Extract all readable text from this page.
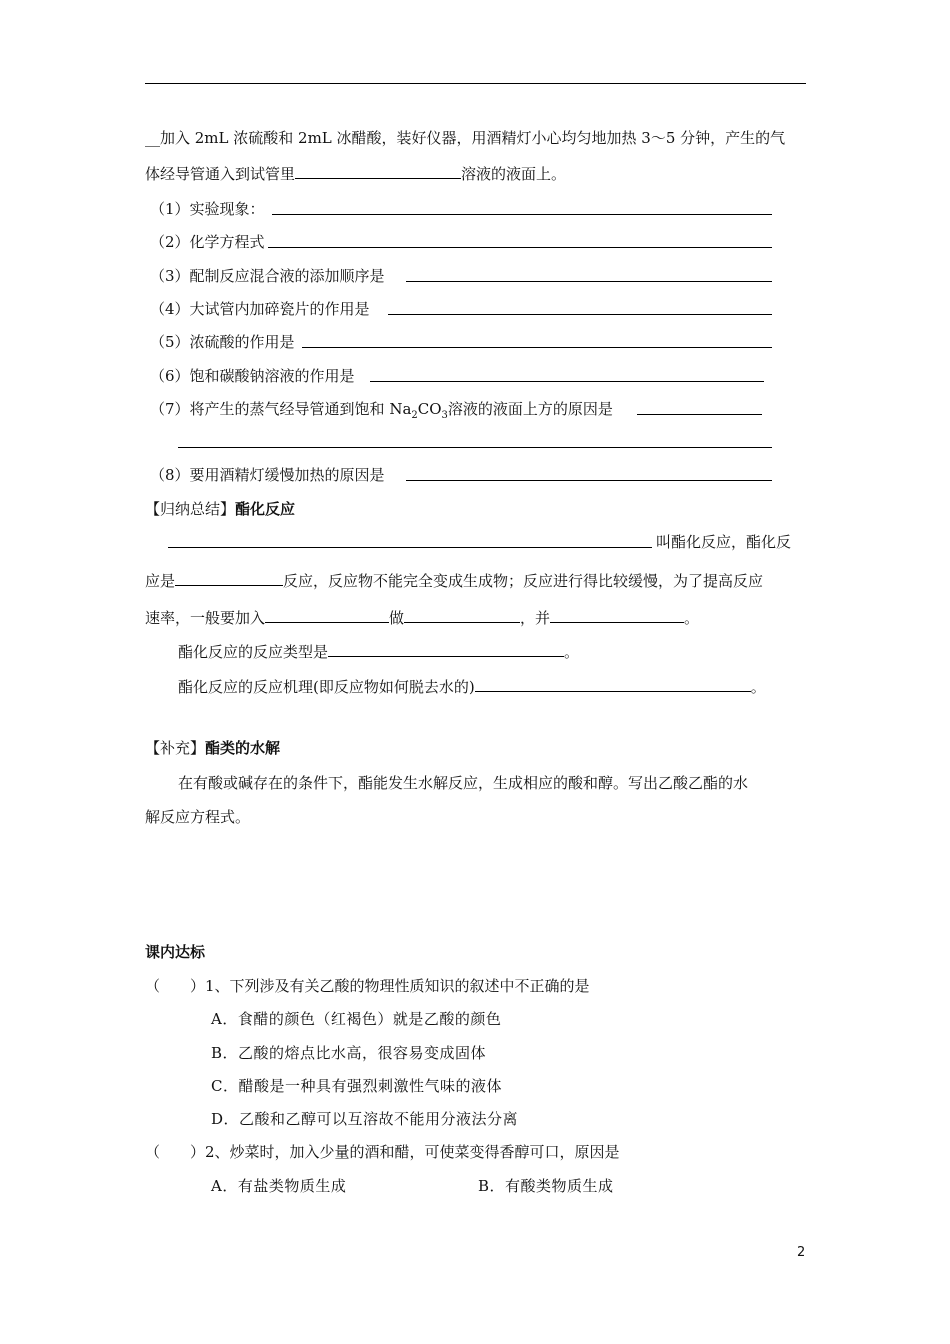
__加入 2mL 浓硫酸和 2mL 冰醋酸，装好仪器，用酒精灯小心均匀地加热 3～5 分钟，产生的气
体经导管通入到试管里	溶液的液面上。
（1）实验现象：
（2）化学方程式
（3）配制反应混合液的添加顺序是
（4）大试管内加碎瓷片的作用是
（5）浓硫酸的作用是
（6）饱和碳酸钠溶液的作用是
（7）将产生的蒸气经导管通到饱和 $Na_2CO_3$溶液的液面上方的原因是
（8）要用酒精灯缓慢加热的原因是
【归纳总结】酯化反应
叫酯化反应，酯化反
应是	反应，反应物不能完全变成生成物；反应进行得比较缓慢，为了提高反应
速率，一般要加入	做	，并	。
酯化反应的反应类型是	。
酯化反应的反应机理(即反应物如何脱去水的)	。
【补充】酯类的水解
在有酸或碱存在的条件下，酯能发生水解反应，生成相应的酸和醇。写出乙酸乙酯的水
解反应方程式。
课内达标
（　　）1、下列涉及有关乙酸的物理性质知识的叙述中不正确的是
A．食醋的颜色（红褐色）就是乙酸的颜色
B．乙酸的熔点比水高，很容易变成固体
C．醋酸是一种具有强烈刺激性气味的液体
D．乙酸和乙醇可以互溶故不能用分液法分离
（　　）2、炒菜时，加入少量的酒和醋，可使菜变得香醇可口，原因是
A．有盐类物质生成	B．有酸类物质生成
2
